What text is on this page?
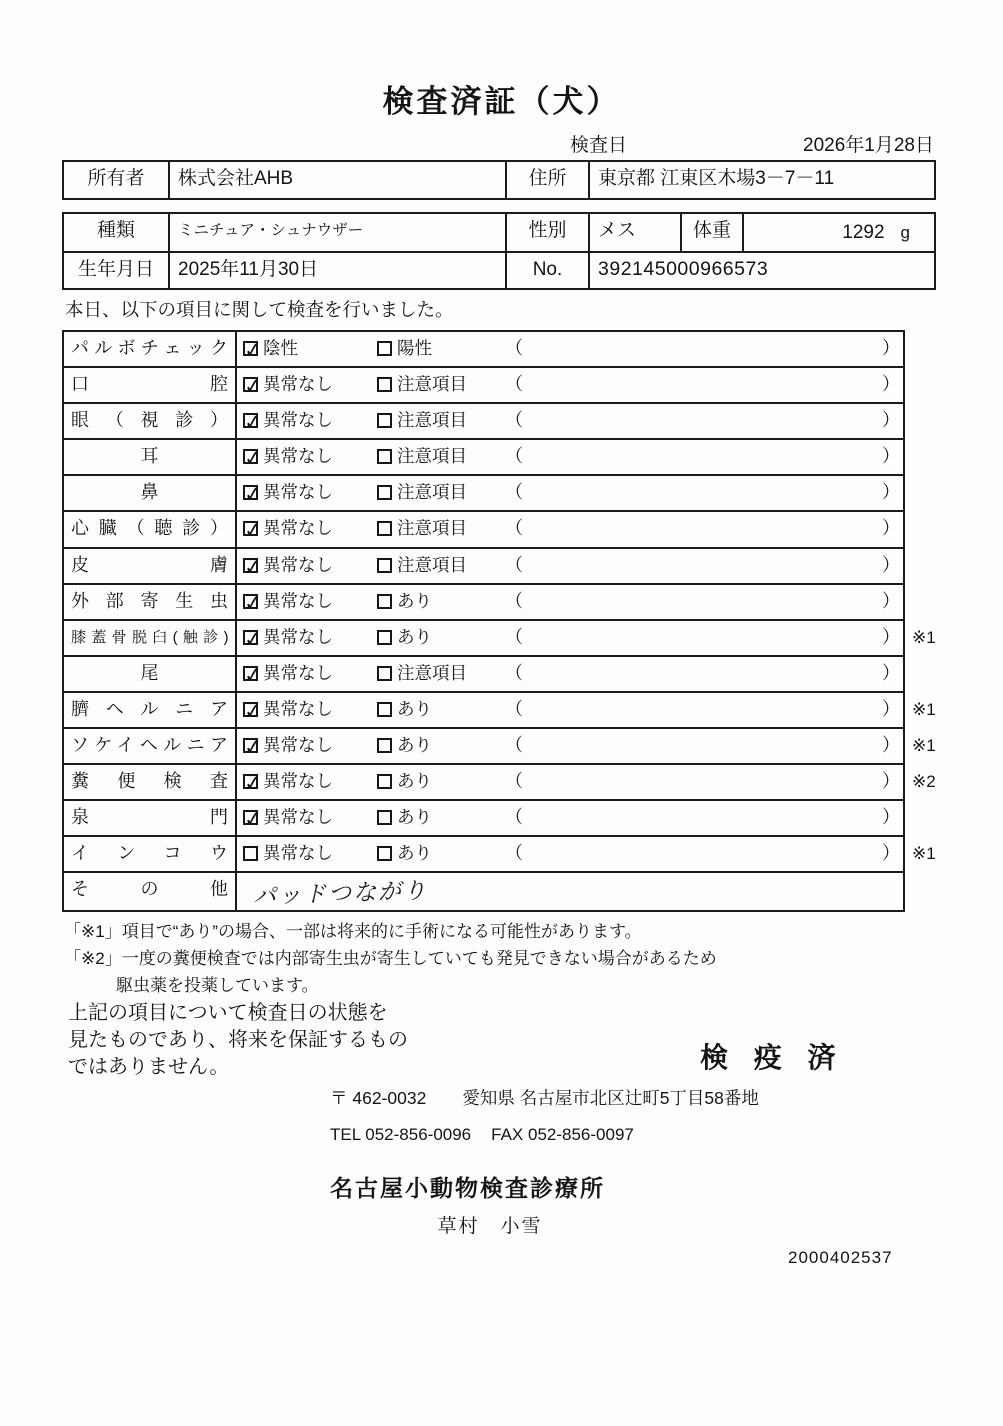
検査済証（犬）
検査日	2026年1月28日
所有者	株式会社AHB	住所	東京都 江東区木場3－7－11
種類	ミニチュア・シュナウザー	性別	メス	体重	1292 g
生年月日	2025年11月30日	No.	392145000966573
本日、以下の項目に関して検査を行いました。
パルボチェック ✓	陰性	陽性	（	）
口腔 ✓	異常なし	注意項目 （	）
眼（視診） ✓	異常なし	注意項目 （	）
耳 ✓	異常なし	注意項目 （	）
鼻 ✓	異常なし	注意項目 （	）
心臓（聴診） ✓	異常なし	注意項目 （	）
皮膚 ✓	異常なし	注意項目 （	）
外部寄生虫 ✓	異常なし	あり	（	）
膝蓋骨脱臼(触診) ✓	異常なし	あり	（	） ※1
尾 ✓	異常なし	注意項目 （	）
臍ヘルニア ✓	異常なし	あり	（	） ※1
ソケイヘルニア ✓	異常なし	あり	（	） ※1
糞便検査 ✓	異常なし	あり	（	） ※2
泉門 ✓	異常なし	あり	（	）
インコウ	異常なし	あり	（	） ※1
その他	パッドつながり
「※1」項目で“あり”の場合、一部は将来的に手術になる可能性があります。
「※2」一度の糞便検査では内部寄生虫が寄生していても発見できない場合があるため
駆虫薬を投薬しています。
上記の項目について検査日の状態を
見たものであり、将来を保証するもの
ではありません。	検 疫 済
〒 462-0032 愛知県 名古屋市北区辻町5丁目58番地
TEL 052-856-0096 FAX 052-856-0097
名古屋小動物検査診療所
草村　小雪
2000402537
